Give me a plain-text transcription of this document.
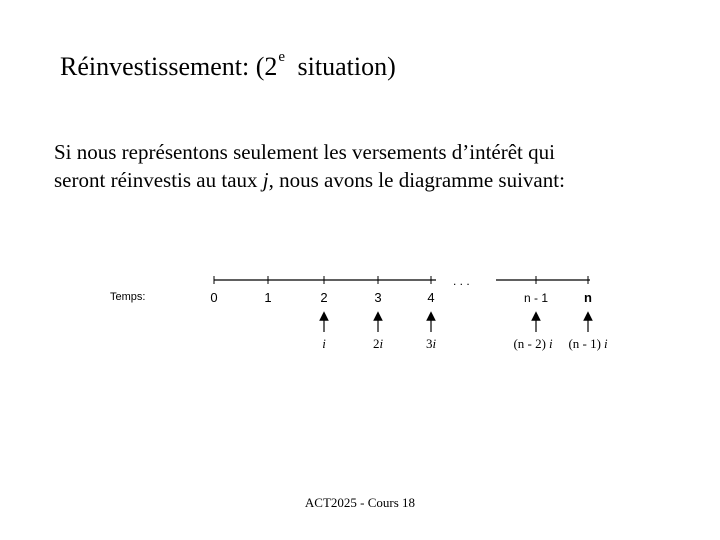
Réinvestissement: (2e situation)

Si nous représentons seulement les versements d’intérêt qui

seront réinvestis au taux j, nous avons le diagramme suivant:

Temps:
. . .
0	1	2	3	4	n - 1	n
i	2i	3i	(n - 2) i (n - 1) i
ACT2025 - Cours 18
